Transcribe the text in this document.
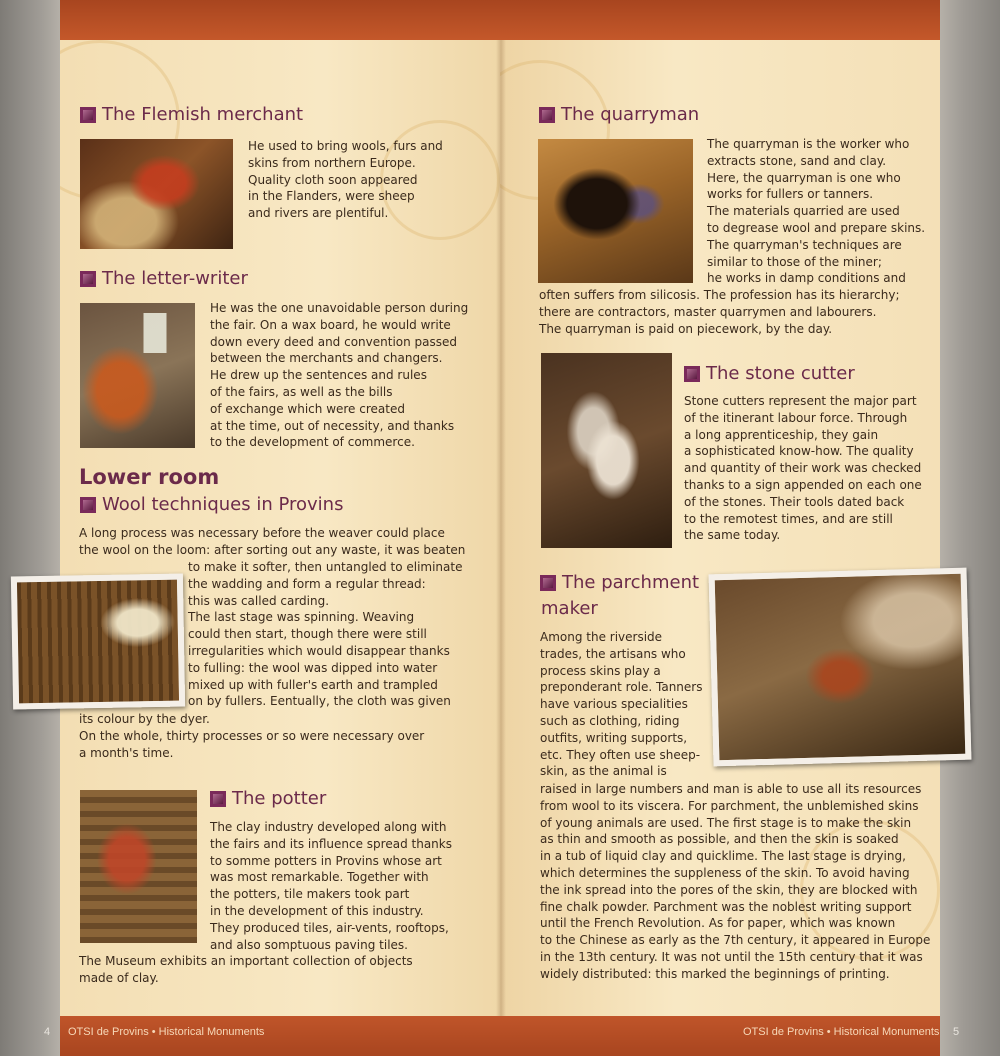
4 OTSI de Provins • Historical Monuments	OTSI de Provins • Historical Monuments 5
The Flemish merchant
He used to bring wools, furs and
skins from northern Europe.
Quality cloth soon appeared
in the Flanders, were sheep
and rivers are plentiful.
The letter-writer
He was the one unavoidable person during
the fair. On a wax board, he would write
down every deed and convention passed
between the merchants and changers.
He drew up the sentences and rules
of the fairs, as well as the bills
of exchange which were created
at the time, out of necessity, and thanks
to the development of commerce.
Lower room
Wool techniques in Provins
A long process was necessary before the weaver could place
the wool on the loom: after sorting out any waste, it was beaten
to make it softer, then untangled to eliminate
the wadding and form a regular thread:
this was called carding.
The last stage was spinning. Weaving
could then start, though there were still
irregularities which would disappear thanks
to fulling: the wool was dipped into water
mixed up with fuller's earth and trampled
on by fullers. Eentually, the cloth was given
its colour by the dyer.
On the whole, thirty processes or so were necessary over
a month's time.
The potter
The clay industry developed along with
the fairs and its influence spread thanks
to somme potters in Provins whose art
was most remarkable. Together with
the potters, tile makers took part
in the development of this industry.
They produced tiles, air-vents, rooftops,
and also somptuous paving tiles.
The Museum exhibits an important collection of objects
made of clay.
The quarryman
The quarryman is the worker who
extracts stone, sand and clay.
Here, the quarryman is one who
works for fullers or tanners.
The materials quarried are used
to degrease wool and prepare skins.
The quarryman's techniques are
similar to those of the miner;
he works in damp conditions and
often suffers from silicosis. The profession has its hierarchy;
there are contractors, master quarrymen and labourers.
The quarryman is paid on piecework, by the day.
The stone cutter
Stone cutters represent the major part
of the itinerant labour force. Through
a long apprenticeship, they gain
a sophisticated know-how. The quality
and quantity of their work was checked
thanks to a sign appended on each one
of the stones. Their tools dated back
to the remotest times, and are still
the same today.
The parchment
maker
Among the riverside
trades, the artisans who
process skins play a
preponderant role. Tanners
have various specialities
such as clothing, riding
outfits, writing supports,
etc. They often use sheep-
skin, as the animal is
raised in large numbers and man is able to use all its resources
from wool to its viscera. For parchment, the unblemished skins
of young animals are used. The first stage is to make the skin
as thin and smooth as possible, and then the skin is soaked
in a tub of liquid clay and quicklime. The last stage is drying,
which determines the suppleness of the skin. To avoid having
the ink spread into the pores of the skin, they are blocked with
fine chalk powder. Parchment was the noblest writing support
until the French Revolution. As for paper, which was known
to the Chinese as early as the 7th century, it appeared in Europe
in the 13th century. It was not until the 15th century that it was
widely distributed: this marked the beginnings of printing.
